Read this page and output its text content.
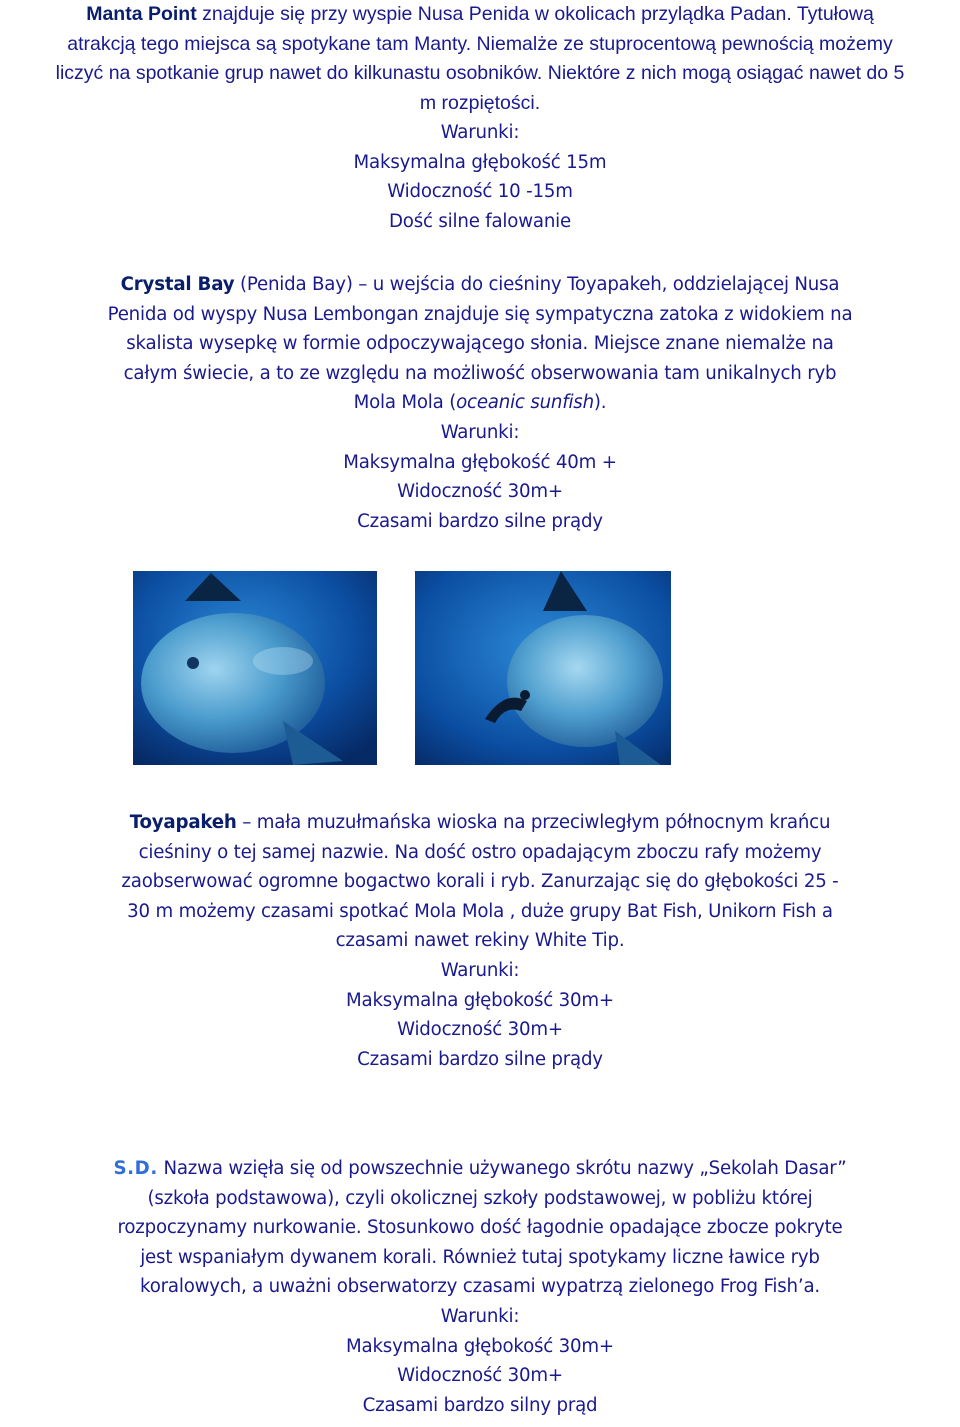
Manta Point znajduje się przy wyspie Nusa Penida w okolicach przylądka Padan. Tytułową

atrakcją tego miejsca są spotykane tam Manty. Niemalże ze stuprocentową pewnością możemy

liczyć na spotkanie grup nawet do kilkunastu osobników. Niektóre z nich mogą osiągać nawet do 5

m rozpiętości.

Warunki:

Maksymalna głębokość 15m

Widoczność 10 -15m

Dość silne falowanie

Crystal Bay (Penida Bay) – u wejścia do cieśniny Toyapakeh, oddzielającej Nusa

Penida od wyspy Nusa Lembongan znajduje się sympatyczna zatoka z widokiem na

skalista wysepkę w formie odpoczywającego słonia. Miejsce znane niemalże na

całym świecie, a to ze względu na możliwość obserwowania tam unikalnych ryb

Mola Mola (oceanic sunfish).

Warunki:

Maksymalna głębokość 40m +

Widoczność 30m+

Czasami bardzo silne prądy

Toyapakeh – mała muzułmańska wioska na przeciwległym północnym krańcu

cieśniny o tej samej nazwie. Na dość ostro opadającym zboczu rafy możemy

zaobserwować ogromne bogactwo korali i ryb. Zanurzając się do głębokości 25 -

30 m możemy czasami spotkać Mola Mola , duże grupy Bat Fish, Unikorn Fish a

czasami nawet rekiny White Tip.

Warunki:

Maksymalna głębokość 30m+

Widoczność 30m+

Czasami bardzo silne prądy

S.D. Nazwa wzięła się od powszechnie używanego skrótu nazwy „Sekolah Dasar”

(szkoła podstawowa), czyli okolicznej szkoły podstawowej, w pobliżu której

rozpoczynamy nurkowanie. Stosunkowo dość łagodnie opadające zbocze pokryte

jest wspaniałym dywanem korali. Również tutaj spotykamy liczne ławice ryb

koralowych, a uważni obserwatorzy czasami wypatrzą zielonego Frog Fish’a.

Warunki:

Maksymalna głębokość 30m+

Widoczność 30m+

Czasami bardzo silny prąd
